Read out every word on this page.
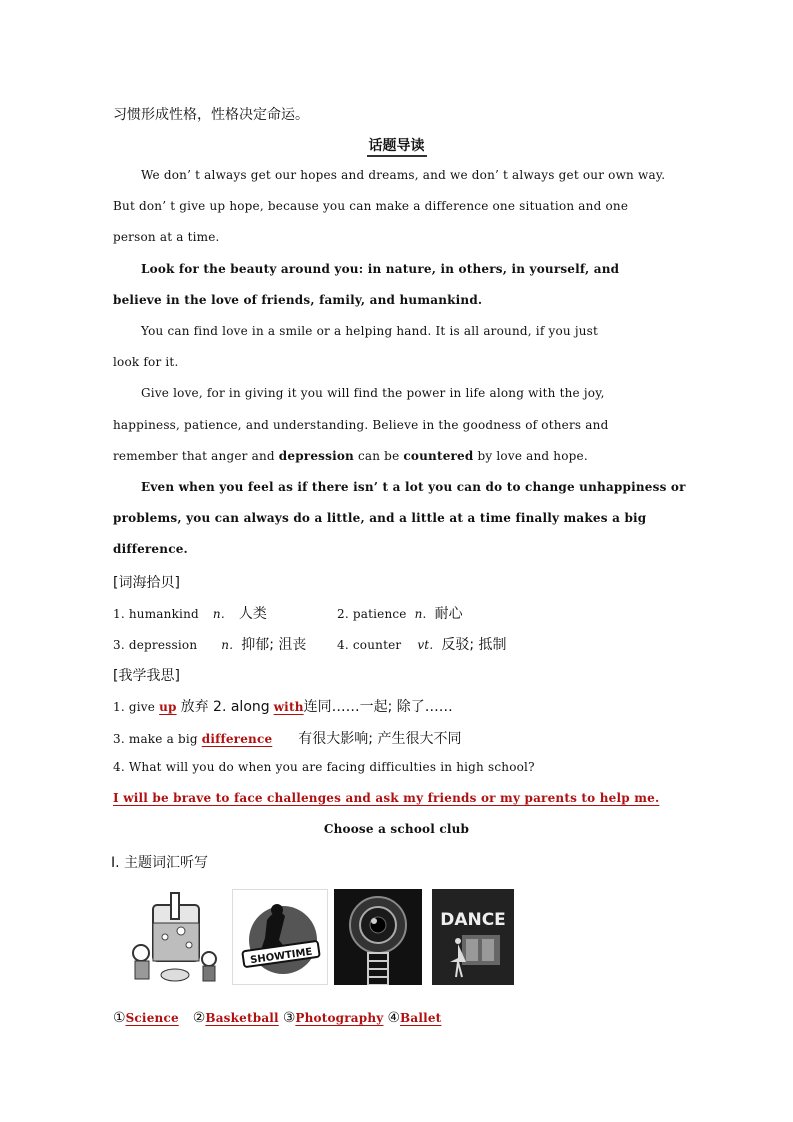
习惯形成性格，性格决定命运。
话题导读
We don’ t always get our hopes and dreams, and we don’ t always get our own way.
But don’ t give up hope, because you can make a difference one situation and one
person at a time.
Look for the beauty around you: in nature, in others, in yourself, and
believe in the love of friends, family, and humankind.
You can find love in a smile or a helping hand. It is all around, if you just
look for it.
Give love, for in giving it you will find the power in life along with the joy,
happiness, patience, and understanding. Believe in the goodness of others and
remember that anger and depression can be countered by love and hope.
Even when you feel as if there isn’ t a lot you can do to change unhappiness or
problems, you can always do a little, and a little at a time finally makes a big
difference.
[词海拾贝]
1. humankind n. 人类	2. patience n. 耐心
3. depression n. 抑郁; 沮丧	4. counter vt. 反驳; 抵制
[我学我思]
1. give up 放弃 2. along with连同……一起; 除了……
3. make a big difference 有很大影响; 产生很大不同
4. What will you do when you are facing difficulties in high school?
I will be brave to face challenges and ask my friends or my parents to help me.
Choose a school club
Ⅰ. 主题词汇听写
SHOWTIME
DANCE
①Science ②Basketball ③Photography ④Ballet
